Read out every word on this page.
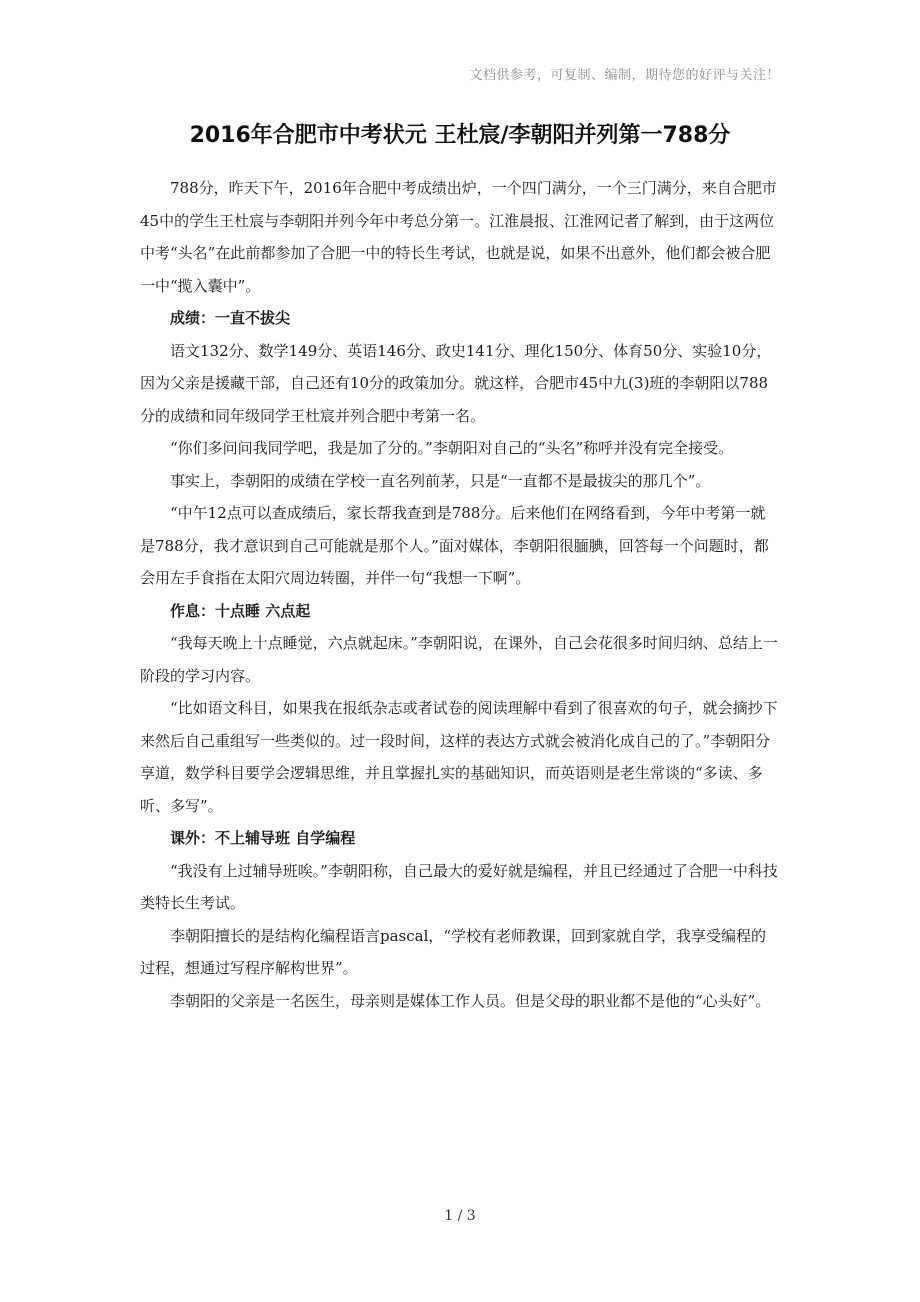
文档供参考，可复制、编制，期待您的好评与关注！
2016年合肥市中考状元 王杜宸/李朝阳并列第一788分

788分，昨天下午，2016年合肥中考成绩出炉，一个四门满分，一个三门满分，来自合肥市45中的学生王杜宸与李朝阳并列今年中考总分第一。江淮晨报、江淮网记者了解到，由于这两位中考“头名”在此前都参加了合肥一中的特长生考试，也就是说，如果不出意外，他们都会被合肥一中“揽入囊中”。

成绩：一直不拔尖

语文132分、数学149分、英语146分、政史141分、理化150分、体育50分、实验10分，因为父亲是援藏干部，自己还有10分的政策加分。就这样，合肥市45中九(3)班的李朝阳以788分的成绩和同年级同学王杜宸并列合肥中考第一名。

“你们多问问我同学吧，我是加了分的。”李朝阳对自己的“头名”称呼并没有完全接受。

事实上，李朝阳的成绩在学校一直名列前茅，只是“一直都不是最拔尖的那几个”。

“中午12点可以查成绩后，家长帮我查到是788分。后来他们在网络看到，今年中考第一就是788分，我才意识到自己可能就是那个人。”面对媒体，李朝阳很腼腆，回答每一个问题时，都会用左手食指在太阳穴周边转圈，并伴一句“我想一下啊”。

作息：十点睡 六点起

“我每天晚上十点睡觉，六点就起床。”李朝阳说，在课外，自己会花很多时间归纳、总结上一阶段的学习内容。

“比如语文科目，如果我在报纸杂志或者试卷的阅读理解中看到了很喜欢的句子，就会摘抄下来然后自己重组写一些类似的。过一段时间，这样的表达方式就会被消化成自己的了。”李朝阳分享道，数学科目要学会逻辑思维，并且掌握扎实的基础知识，而英语则是老生常谈的“多读、多听、多写”。

课外：不上辅导班 自学编程

“我没有上过辅导班唉。”李朝阳称，自己最大的爱好就是编程，并且已经通过了合肥一中科技类特长生考试。

李朝阳擅长的是结构化编程语言pascal，“学校有老师教课，回到家就自学，我享受编程的过程，想通过写程序解构世界”。

李朝阳的父亲是一名医生，母亲则是媒体工作人员。但是父母的职业都不是他的“心头好”。

1 / 3
